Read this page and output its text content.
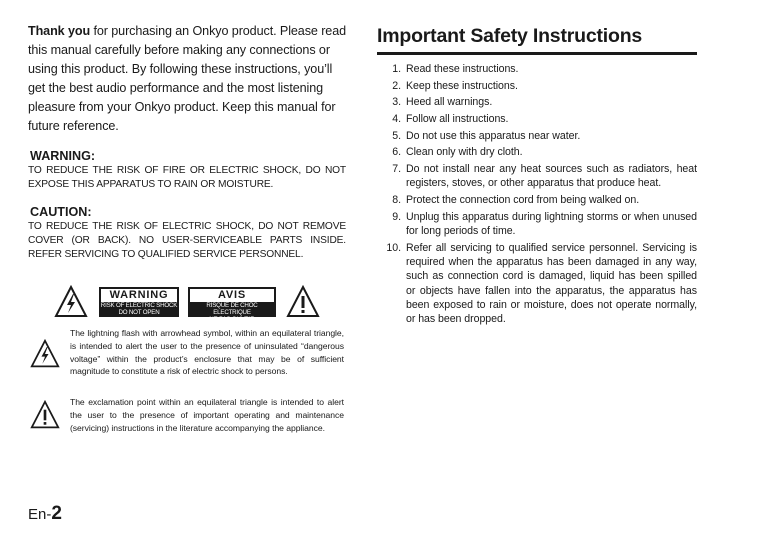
Thank you for purchasing an Onkyo product. Please read this manual carefully before making any connections or using this product. By following these instructions, you’ll get the best audio performance and the most listening pleasure from your Onkyo product. Keep this manual for future reference.

WARNING:

TO REDUCE THE RISK OF FIRE OR ELECTRIC SHOCK, DO NOT EXPOSE THIS APPARATUS TO RAIN OR MOISTURE.

CAUTION:

TO REDUCE THE RISK OF ELECTRIC SHOCK, DO NOT REMOVE COVER (OR BACK). NO USER-SERVICEABLE PARTS INSIDE. REFER SERVICING TO QUALIFIED SERVICE PERSONNEL.

WARNING
RISK OF ELECTRIC SHOCK
DO NOT OPEN
AVIS
RISQUE DE CHOC ELECTRIQUE
NE PAS OUVRIR

The lightning flash with arrowhead symbol, within an equilateral triangle, is intended to alert the user to the presence of uninsulated “dangerous voltage” within the product’s enclosure that may be of sufficient magnitude to constitute a risk of electric shock to persons.

The exclamation point within an equilateral triangle is intended to alert the user to the presence of important operating and maintenance (servicing) instructions in the literature accompanying the appliance.

Important Safety Instructions
1. Read these instructions.
2. Keep these instructions.
3. Heed all warnings.
4. Follow all instructions.
5. Do not use this apparatus near water.
6. Clean only with dry cloth.
7. Do not install near any heat sources such as radiators, heat registers, stoves, or other apparatus that produce heat.
8. Protect the connection cord from being walked on.
9. Unplug this apparatus during lightning storms or when unused for long periods of time.
10. Refer all servicing to qualified service personnel. Servicing is required when the apparatus has been damaged in any way, such as connection cord is damaged, liquid has been spilled or objects have fallen into the apparatus, the apparatus has been exposed to rain or moisture, does not operate normally, or has been dropped.
En-2
